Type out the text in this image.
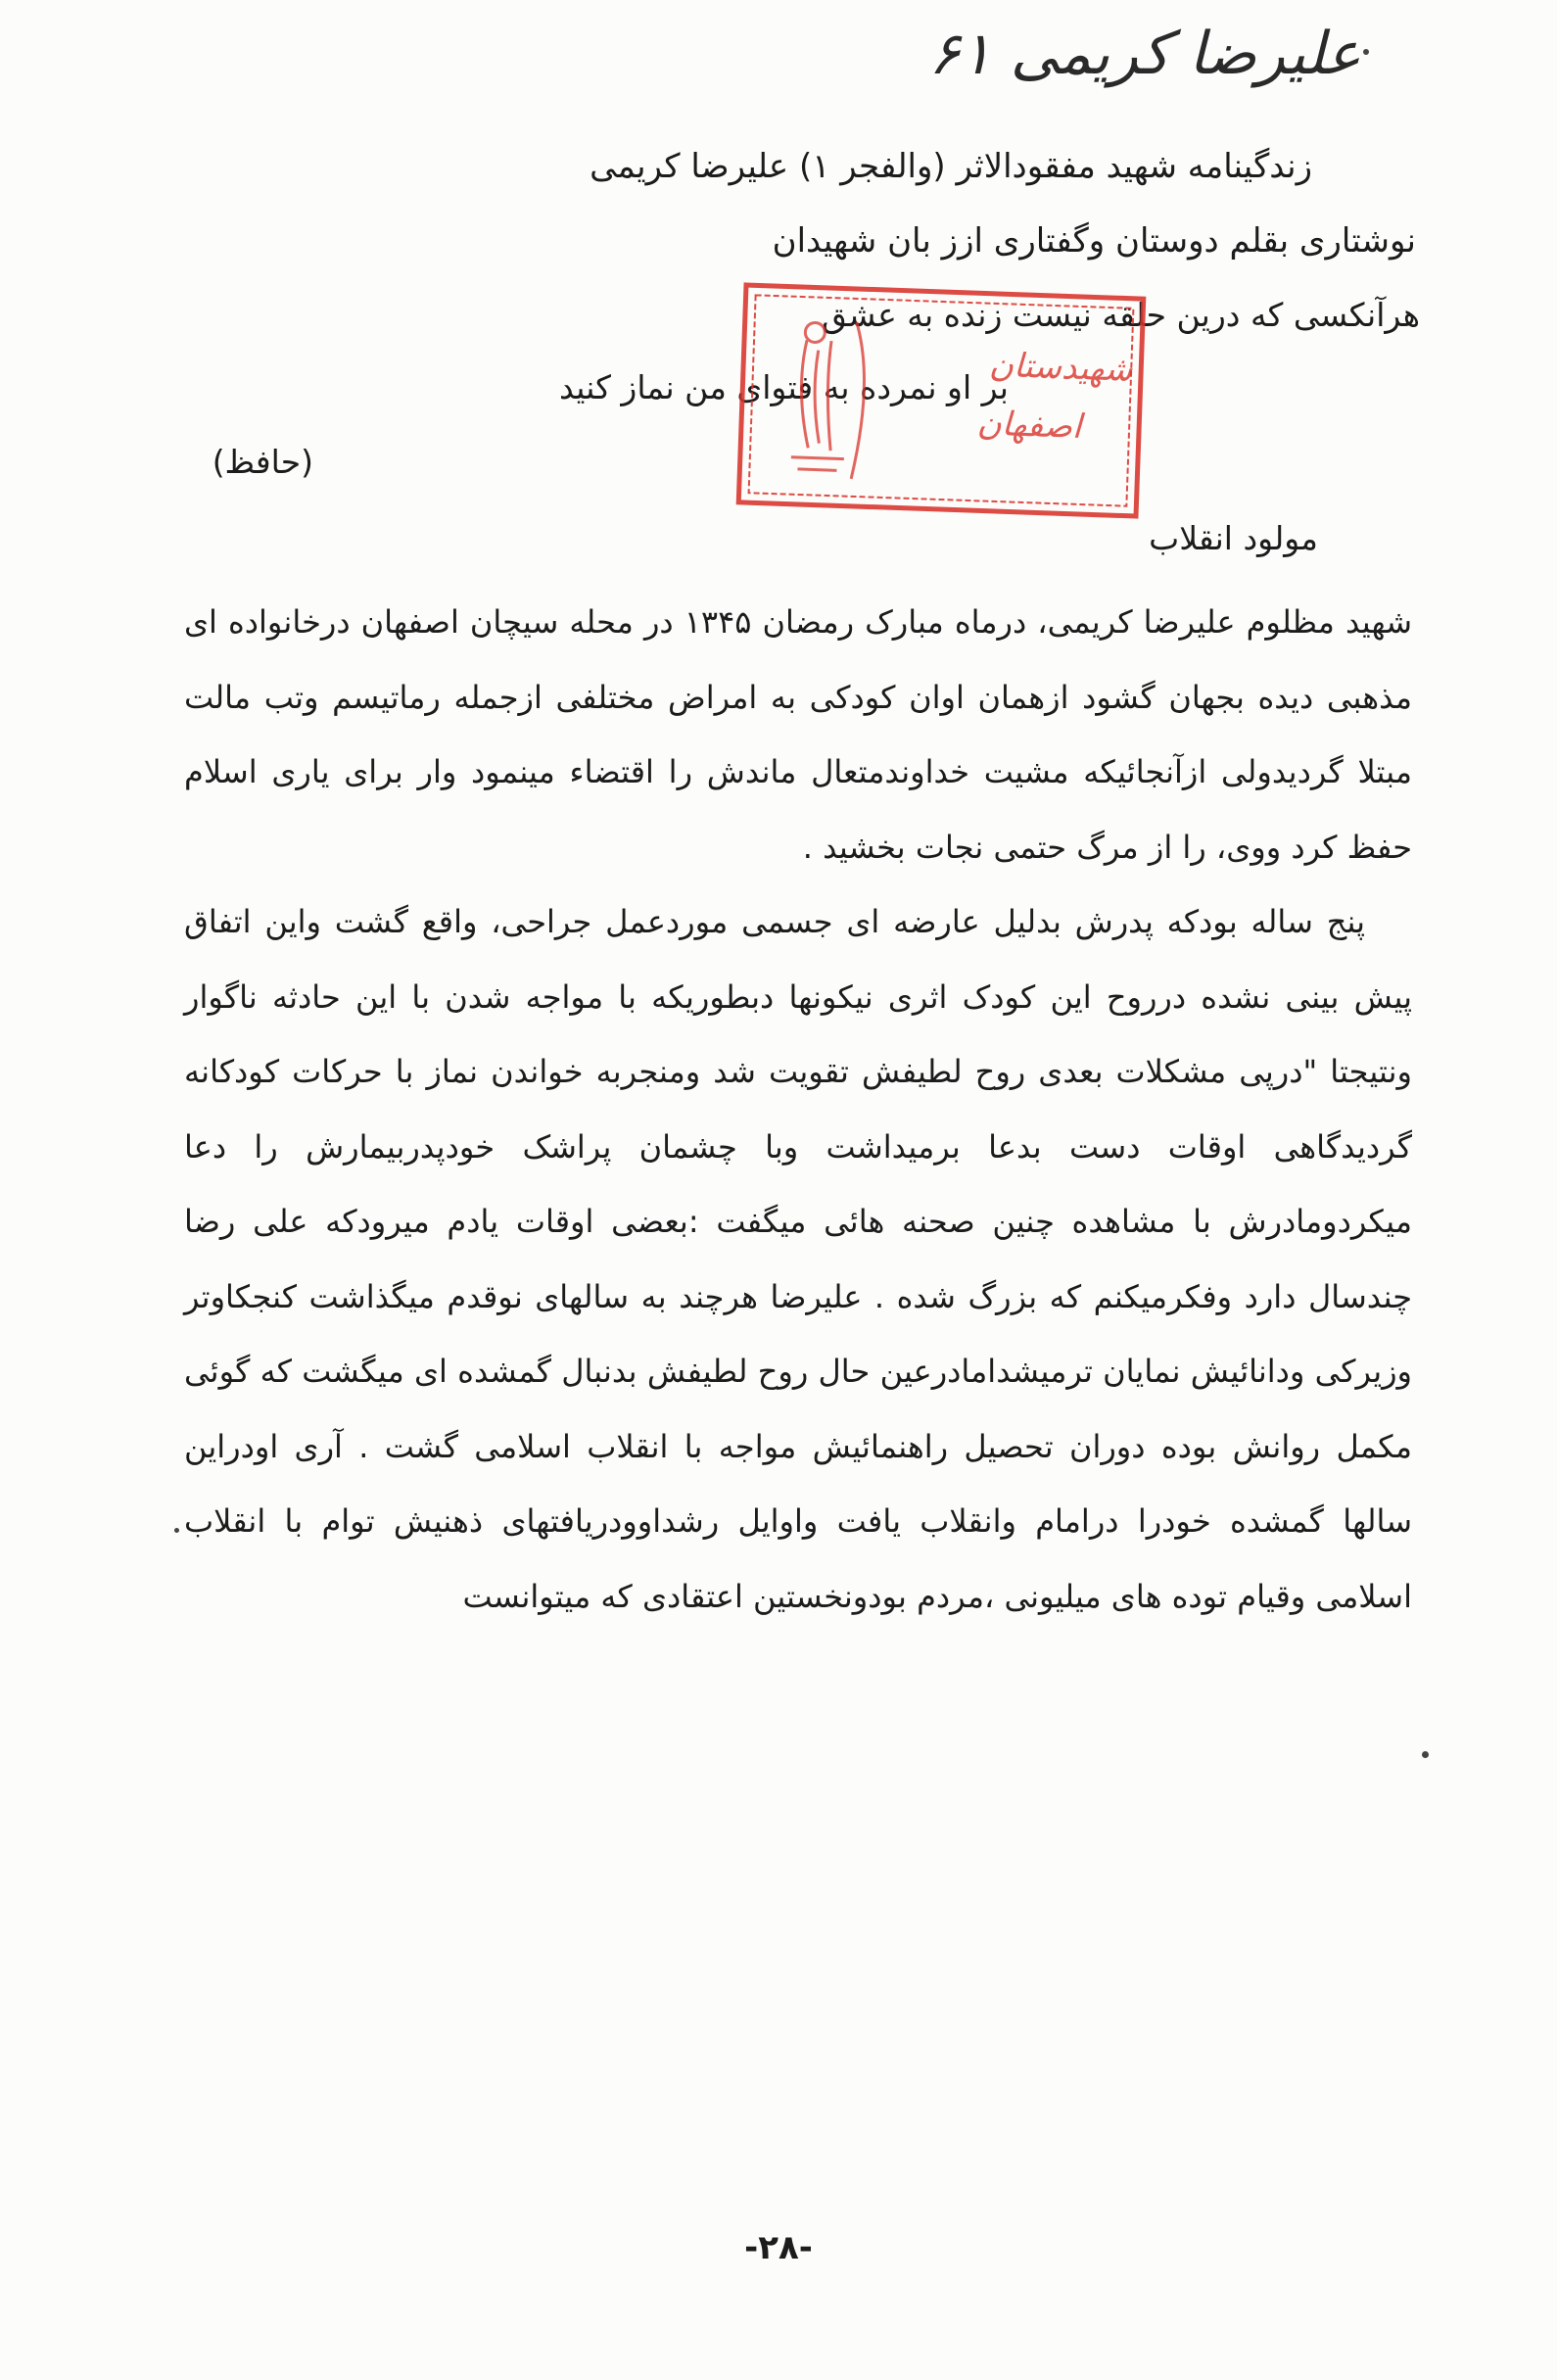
علیرضا کریمی ۶۱
زندگینامه شهید مفقودالاثر (والفجر ۱) علیرضا کریمی
نوشتاری بقلم دوستان وگفتاری ازز بان شهیدان
هرآنکسی که درین حلقه نیست زنده به عشق
بر او نمرده به فتوای من نماز کنید
(حافظ)
مولود انقلاب

شهید مظلوم علیرضا کریمی، درماه مبارک رمضان ۱۳۴۵ در محله سیچان اصفهان درخانواده ای مذهبی دیده بجهان گشود ازهمان اوان کودکی به امراض مختلفی ازجمله رماتیسم وتب مالت مبتلا گردیدولی ازآنجائیکه مشیت خداوندمتعال ماندش را اقتضاء مینمود وار برای یاری اسلام حفظ کرد ووی، را از مرگ حتمی نجات بخشید .

پنج ساله بودکه پدرش بدلیل عارضه ای جسمی موردعمل جراحی، واقع گشت واین اتفاق پیش بینی نشده درروح این کودک اثری نیکونها دبطوریکه با مواجه شدن با این حادثه ناگوار ونتیجتا "درپی مشکلات بعدی روح لطیفش تقویت شد ومنجربه خواندن نماز با حرکات کودکانه گردیدگاهی اوقات دست بدعا برمیداشت وبا چشمان پراشک خودپدربیمارش را دعا میکردومادرش با مشاهده چنین صحنه هائی میگفت :بعضی اوقات یادم میرودکه علی رضا چندسال دارد وفکرمیکنم که بزرگ شده . علیرضا هرچند به سالهای نوقدم میگذاشت کنجکاوتر وزیرکی ودانائیش نمایان ترمیشدامادرعین حال روح لطیفش بدنبال گمشده ای میگشت که گوئی مکمل روانش بوده دوران تحصیل راهنمائیش مواجه با انقلاب اسلامی گشت . آری اودراین سالها گمشده خودرا درامام وانقلاب یافت واوایل رشداوودریافتهای ذهنیش توام با انقلاب اسلامی وقیام توده های میلیونی ،مردم بودونخستین اعتقادی که میتوانست

شهیدستان
اصفهان
-۲۸-
